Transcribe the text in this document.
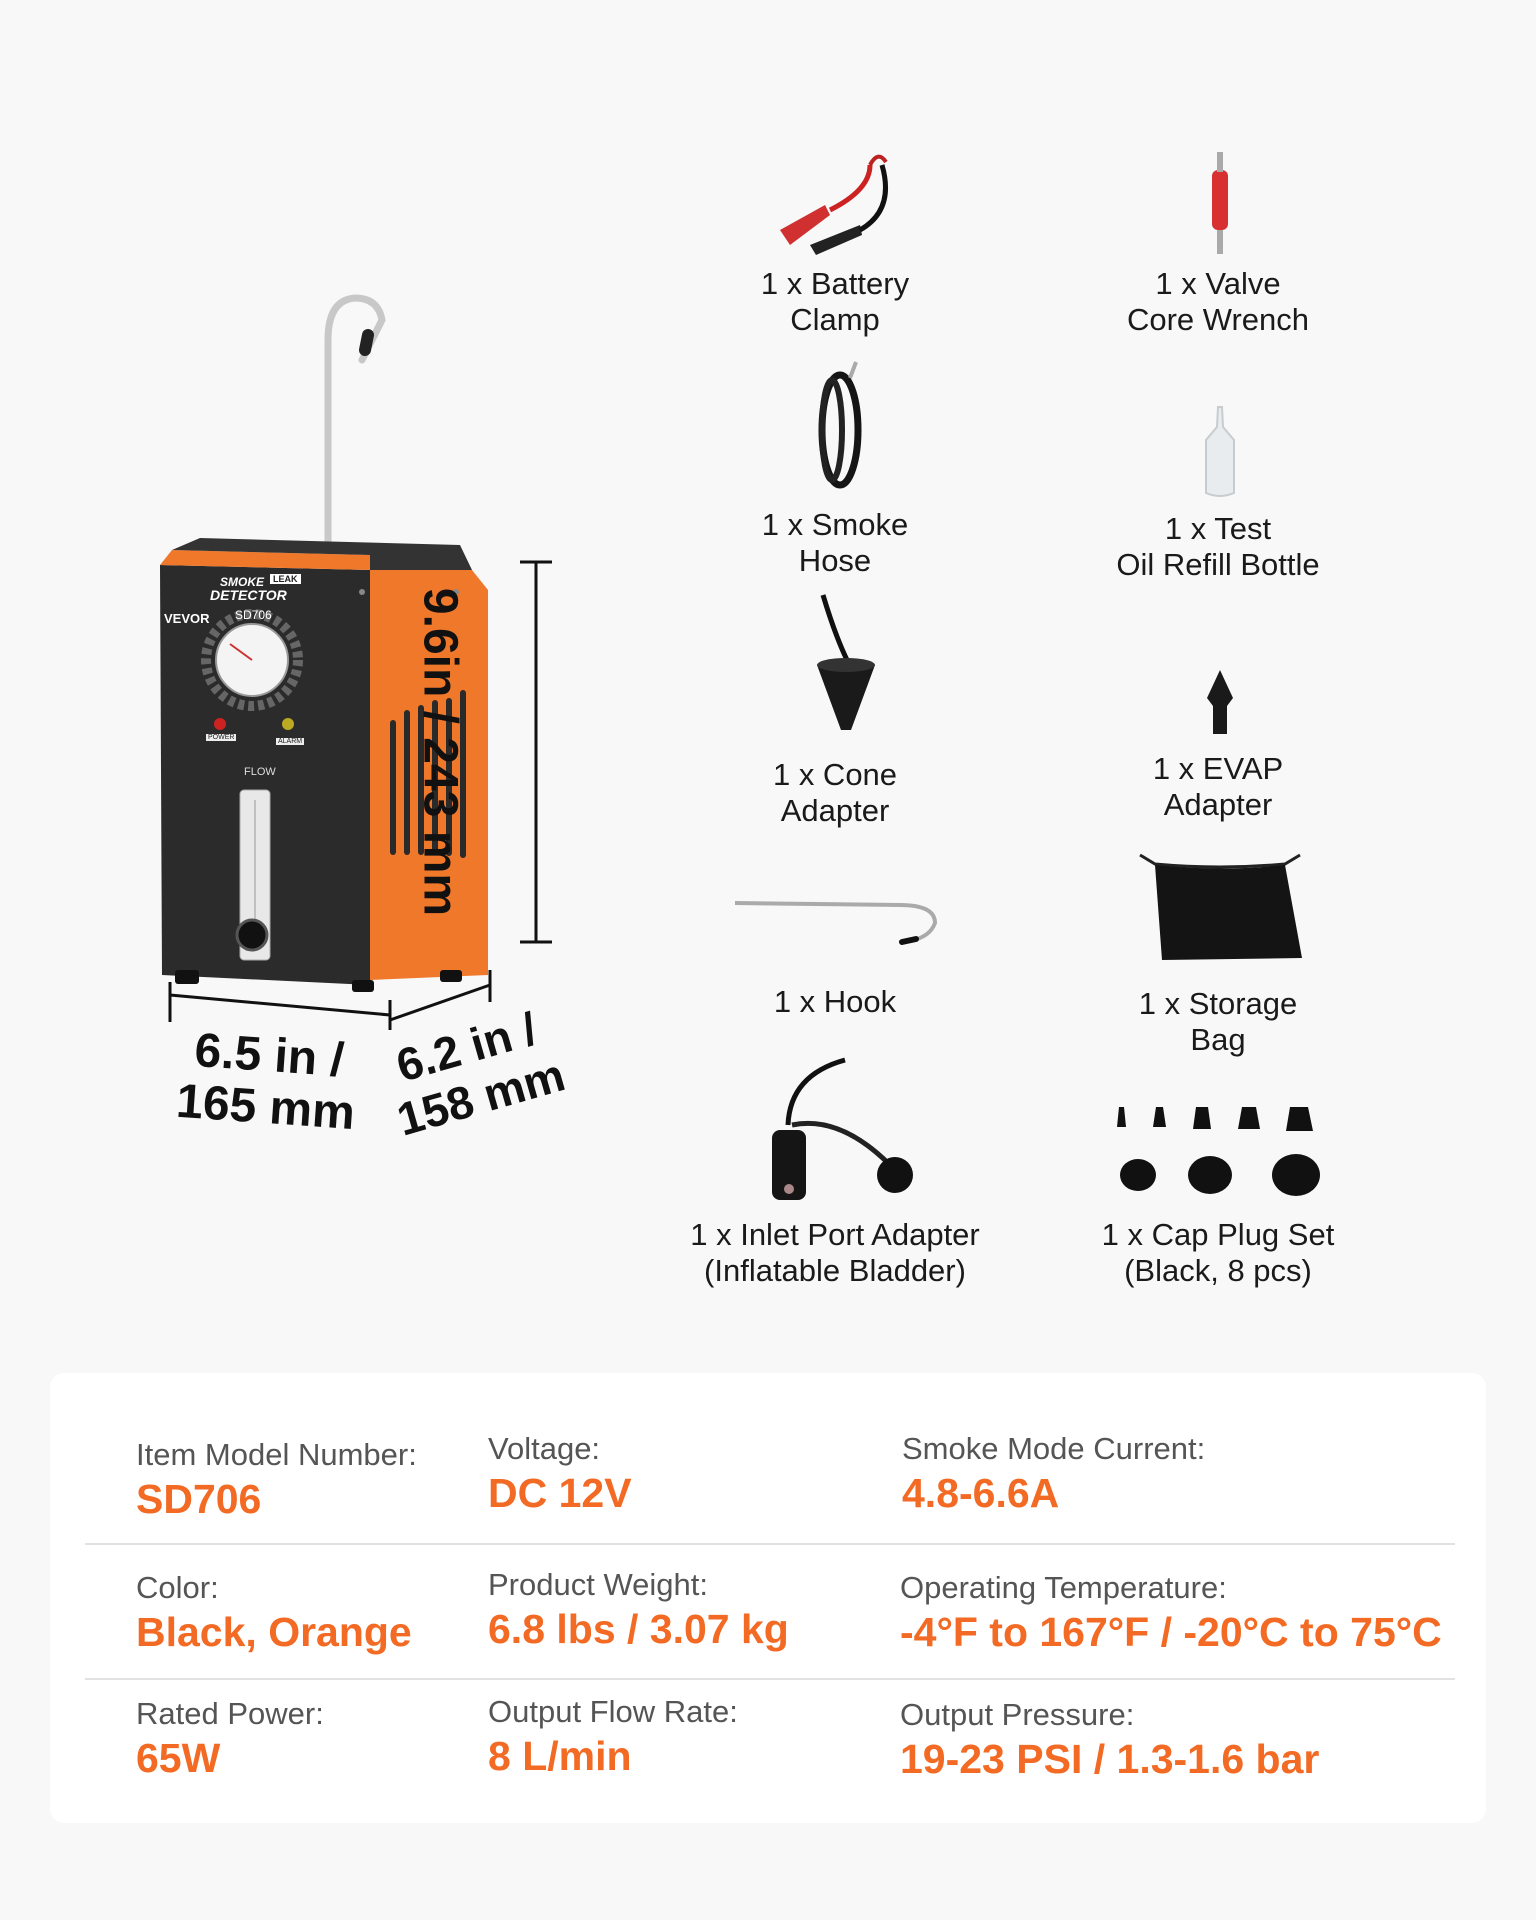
SMOKE LEAK
DETECTOR
VEVOR SD706
POWER
ALARM
FLOW	9.6in / 243 mm
6.5 in /
165 mm
6.2 in /
158 mm
1 x Battery
Clamp
1 x Valve
Core Wrench
1 x Smoke
Hose
1 x Test
Oil Refill Bottle
1 x Cone
Adapter
1 x EVAP
Adapter
1 x Hook	1 x Storage
Bag
1 x Inlet Port Adapter
(Inflatable Bladder)
1 x Cap Plug Set
(Black, 8 pcs)
Item Model Number:
SD706
Voltage:
DC 12V
Smoke Mode Current:
4.8-6.6A
Color:
Black, Orange
Product Weight:
6.8 lbs / 3.07 kg
Operating Temperature:
-4°F to 167°F / -20°C to 75°C
Rated Power:
65W
Output Flow Rate:
8 L/min
Output Pressure:
19-23 PSI / 1.3-1.6 bar
